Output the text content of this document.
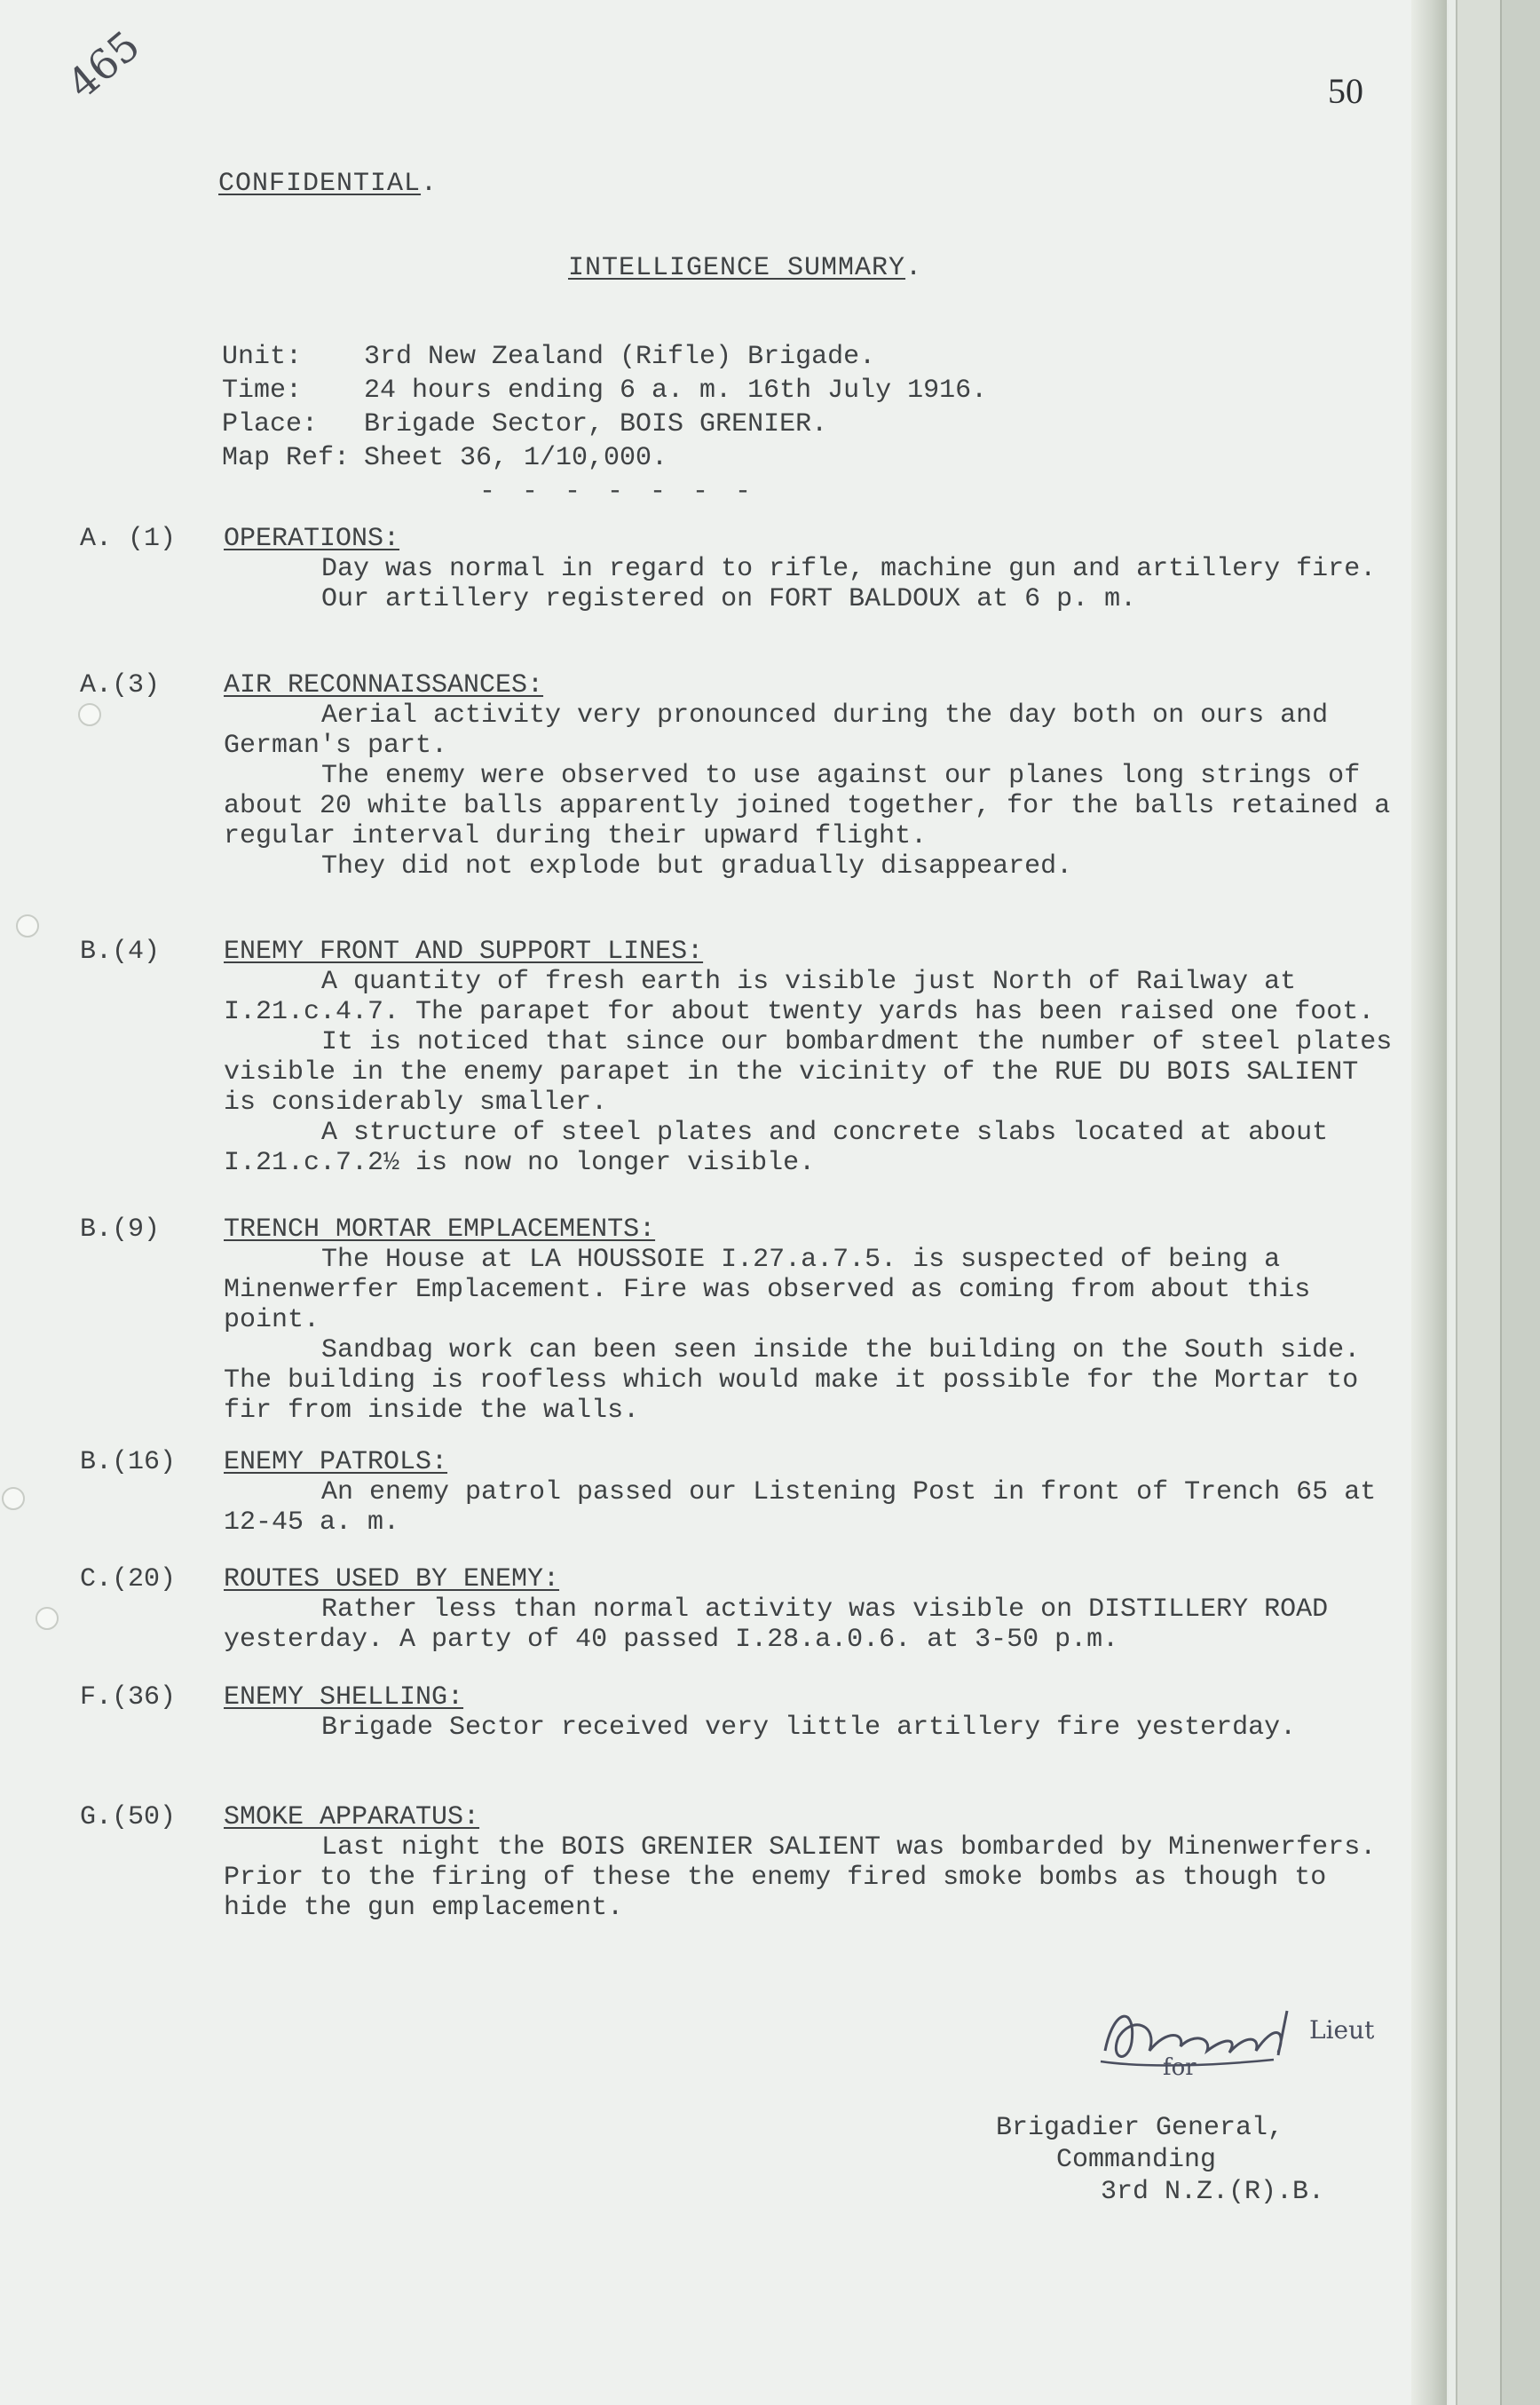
465	50
CONFIDENTIAL.
INTELLIGENCE SUMMARY.
Unit: 3rd New Zealand (Rifle) Brigade.
Time: 24 hours ending 6 a. m. 16th July 1916.
Place: Brigade Sector, BOIS GRENIER.
Map Ref: Sheet 36, 1/10,000.
- - - - - - -
A. (1)	OPERATIONS:

Day was normal in regard to rifle, machine gun and artillery fire.

Our artillery registered on FORT BALDOUX at 6 p. m.

A.(3)	AIR RECONNAISSANCES:

Aerial activity very pronounced during the day both on ours and German's part.

The enemy were observed to use against our planes long strings of about 20 white balls apparently joined together, for the balls retained a regular interval during their upward flight.

They did not explode but gradually disappeared.

B.(4)	ENEMY FRONT AND SUPPORT LINES:

A quantity of fresh earth is visible just North of Railway at I.21.c.4.7. The parapet for about twenty yards has been raised one foot.

It is noticed that since our bombardment the number of steel plates visible in the enemy parapet in the vicinity of the RUE DU BOIS SALIENT is considerably smaller.

A structure of steel plates and concrete slabs located at about I.21.c.7.2½ is now no longer visible.

B.(9)	TRENCH MORTAR EMPLACEMENTS:

The House at LA HOUSSOIE I.27.a.7.5. is suspected of being a Minenwerfer Emplacement. Fire was observed as coming from about this point.

Sandbag work can been seen inside the building on the South side. The building is roofless which would make it possible for the Mortar to fir from inside the walls.

B.(16)	ENEMY PATROLS:

An enemy patrol passed our Listening Post in front of Trench 65 at 12-45 a. m.

C.(20)	ROUTES USED BY ENEMY:

Rather less than normal activity was visible on DISTILLERY ROAD yesterday. A party of 40 passed I.28.a.0.6. at 3-50 p.m.

F.(36)	ENEMY SHELLING:

Brigade Sector received very little artillery fire yesterday.

G.(50)	SMOKE APPARATUS:

Last night the BOIS GRENIER SALIENT was bombarded by Minenwerfers. Prior to the firing of these the enemy fired smoke bombs as though to hide the gun emplacement.

for
Lieut
Brigadier General,
Commanding
3rd N.Z.(R).B.
